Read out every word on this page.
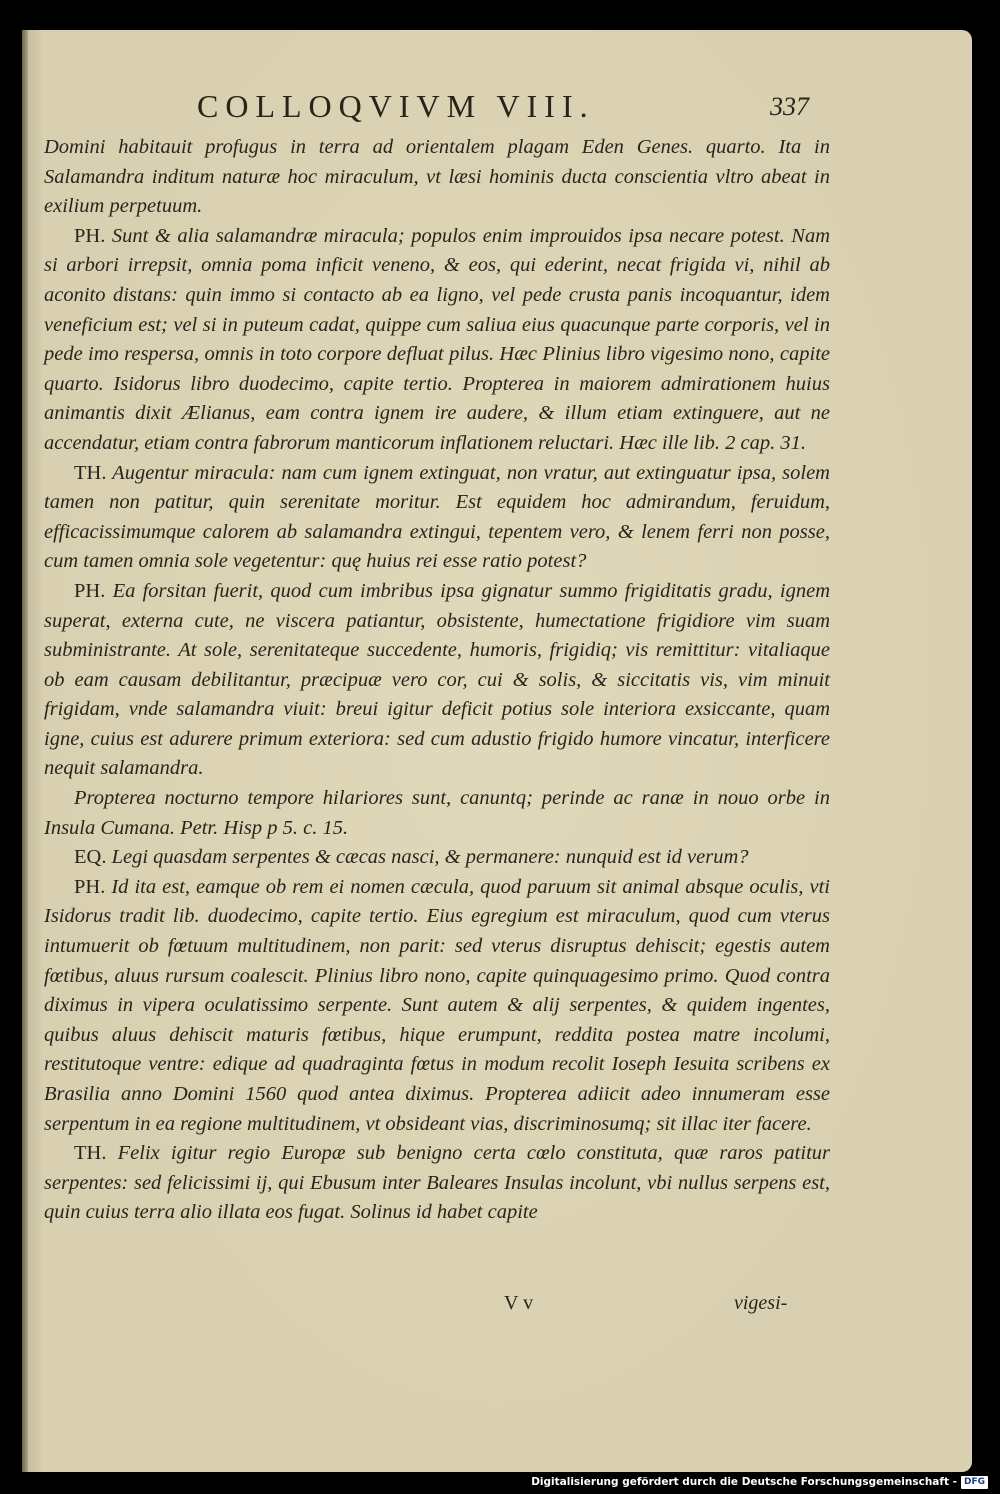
COLLOQVIVM VIII.	337

Domini habitauit profugus in terra ad orientalem plagam Eden Genes. quarto. Ita in Salamandra inditum naturæ hoc miraculum, vt læsi hominis ducta conscientia vltro abeat in exilium perpetuum.

PH. Sunt & alia salamandræ miracula; populos enim improuidos ipsa necare potest. Nam si arbori irrepsit, omnia poma inficit veneno, & eos, qui ederint, necat frigida vi, nihil ab aconito distans: quin immo si contacto ab ea ligno, vel pede crusta panis incoquantur, idem veneficium est; vel si in puteum cadat, quippe cum saliua eius quacunque parte corporis, vel in pede imo respersa, omnis in toto corpore defluat pilus. Hæc Plinius libro vigesimo nono, capite quarto. Isidorus libro duodecimo, capite tertio. Propterea in maiorem admirationem huius animantis dixit Ælianus, eam contra ignem ire audere, & illum etiam extinguere, aut ne accendatur, etiam contra fabrorum manticorum inflationem reluctari. Hæc ille lib. 2 cap. 31.

TH. Augentur miracula: nam cum ignem extinguat, non vratur, aut extinguatur ipsa, solem tamen non patitur, quin serenitate moritur. Est equidem hoc admirandum, feruidum, efficacissimumque calorem ab salamandra extingui, tepentem vero, & lenem ferri non posse, cum tamen omnia sole vegetentur: quę huius rei esse ratio potest?

PH. Ea forsitan fuerit, quod cum imbribus ipsa gignatur summo frigiditatis gradu, ignem superat, externa cute, ne viscera patiantur, obsistente, humectatione frigidiore vim suam subministrante. At sole, serenitateque succedente, humoris, frigidiq; vis remittitur: vitaliaque ob eam causam debilitantur, præcipuæ vero cor, cui & solis, & siccitatis vis, vim minuit frigidam, vnde salamandra viuit: breui igitur deficit potius sole interiora exsiccante, quam igne, cuius est adurere primum exteriora: sed cum adustio frigido humore vincatur, interficere nequit salamandra.

Propterea nocturno tempore hilariores sunt, canuntq; perinde ac ranæ in nouo orbe in Insula Cumana. Petr. Hisp p 5. c. 15.

EQ. Legi quasdam serpentes & cæcas nasci, & permanere: nunquid est id verum?

PH. Id ita est, eamque ob rem ei nomen cæcula, quod paruum sit animal absque oculis, vti Isidorus tradit lib. duodecimo, capite tertio. Eius egregium est miraculum, quod cum vterus intumuerit ob fœtuum multitudinem, non parit: sed vterus disruptus dehiscit; egestis autem fœtibus, aluus rursum coalescit. Plinius libro nono, capite quinquagesimo primo. Quod contra diximus in vipera oculatissimo serpente. Sunt autem & alij serpentes, & quidem ingentes, quibus aluus dehiscit maturis fœtibus, hique erumpunt, reddita postea matre incolumi, restitutoque ventre: edique ad quadraginta fœtus in modum recolit Ioseph Iesuita scribens ex Brasilia anno Domini 1560 quod antea diximus. Propterea adiicit adeo innumeram esse serpentum in ea regione multitudinem, vt obsideant vias, discriminosumq; sit illac iter facere.

TH. Felix igitur regio Europæ sub benigno certa cœlo constituta, quæ raros patitur serpentes: sed felicissimi ij, qui Ebusum inter Baleares Insulas incolunt, vbi nullus serpens est, quin cuius terra alio illata eos fugat. Solinus id habet capite

V v	vigesi-
Digitalisierung gefördert durch die Deutsche Forschungsgemeinschaft - DFG
